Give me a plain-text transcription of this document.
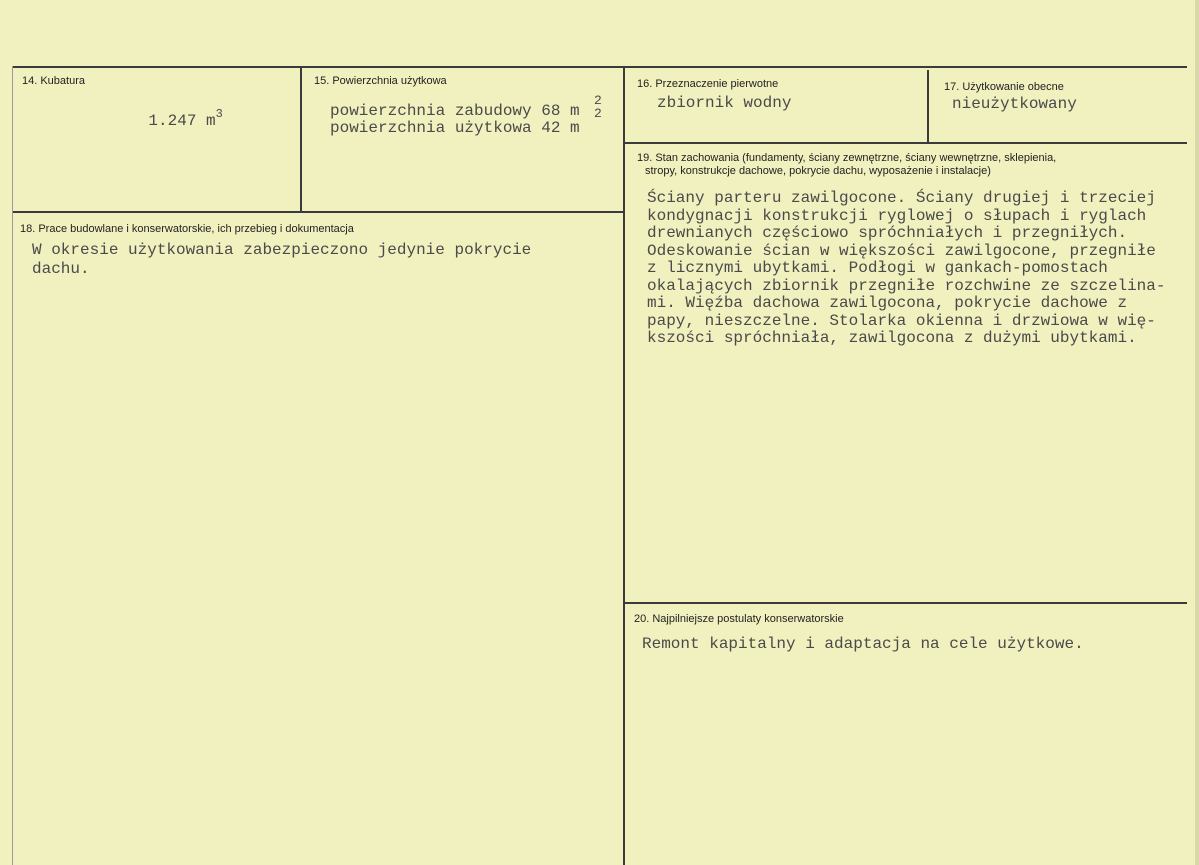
14. Kubatura

1.247 $m^3$

15. Powierzchnia użytkowa
powierzchnia zabudowy 68 m
powierzchnia użytkowa 42 m
2
2
16. Przeznaczenie pierwotne
zbiornik wodny
17. Użytkowanie obecne
nieużytkowany
18. Prace budowlane i konserwatorskie, ich przebieg i dokumentacja
W okresie użytkowania zabezpieczono jedynie pokrycie
dachu.
19. Stan zachowania (fundamenty, ściany zewnętrzne, ściany wewnętrzne, sklepienia,
stropy, konstrukcje dachowe, pokrycie dachu, wyposażenie i instalacje)
Ściany parteru zawilgocone. Ściany drugiej i trzeciej
kondygnacji konstrukcji ryglowej o słupach i ryglach
drewnianych częściowo spróchniałych i przegniłych.
Odeskowanie ścian w większości zawilgocone, przegniłe
z licznymi ubytkami. Podłogi w gankach-pomostach
okalających zbiornik przegniłe rozchwine ze szczelina-
mi. Więźba dachowa zawilgocona, pokrycie dachowe z
papy, nieszczelne. Stolarka okienna i drzwiowa w wię-
kszości spróchniała, zawilgocona z dużymi ubytkami.
20. Najpilniejsze postulaty konserwatorskie
Remont kapitalny i adaptacja na cele użytkowe.
